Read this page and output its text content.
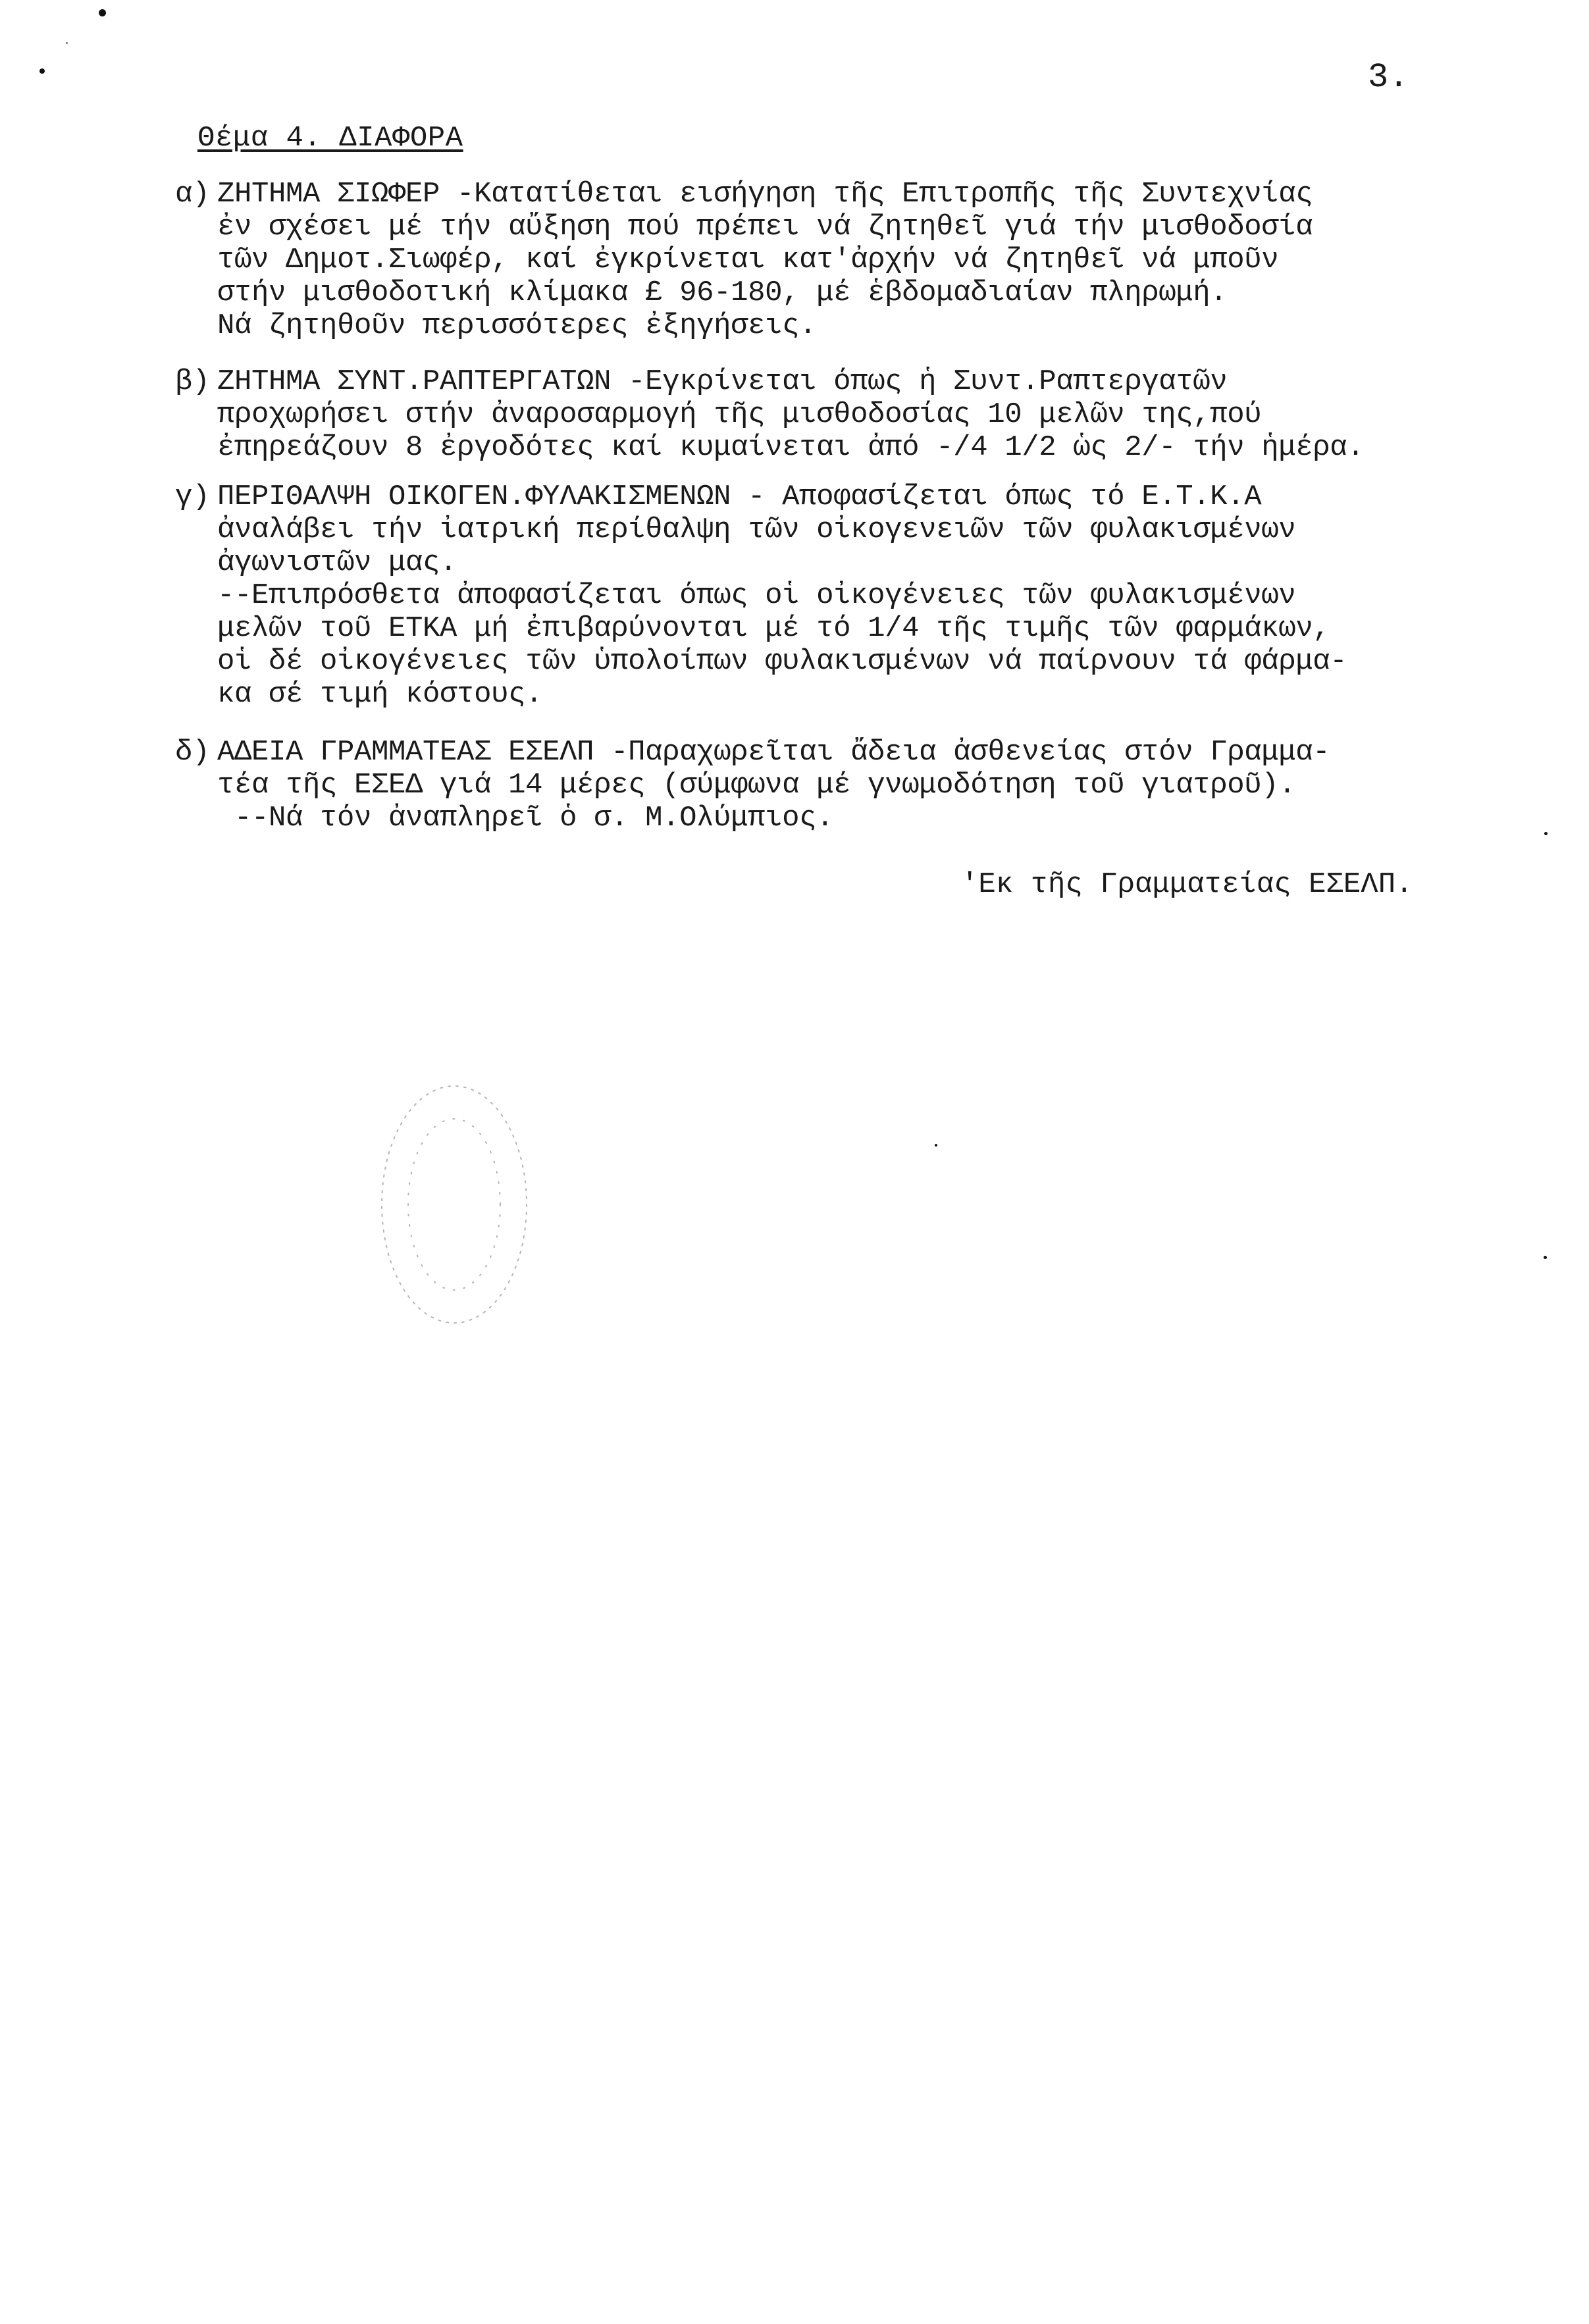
3.
Θέμα 4. ΔΙΑΦΟΡΑ
α) ΖΗΤΗΜΑ ΣΙΩΦΕΡ -Κατατίθεται εισήγηση τῆς Επιτροπῆς τῆς Συντεχνίας
ἐν σχέσει μέ τήν αὔξηση πού πρέπει νά ζητηθεῖ γιά τήν μισθοδοσία
τῶν Δημοτ.Σιωφέρ, καί ἐγκρίνεται κατ'ἀρχήν νά ζητηθεῖ νά μποῦν
στήν μισθοδοτική κλίμακα £ 96-180, μέ ἑβδομαδιαίαν πληρωμή.
Νά ζητηθοῦν περισσότερες ἐξηγήσεις.
β) ΖΗΤΗΜΑ ΣΥΝΤ.ΡΑΠΤΕΡΓΑΤΩΝ -Εγκρίνεται όπως ἡ Συντ.Ραπτεργατῶν
προχωρήσει στήν ἀναροσαρμογή τῆς μισθοδοσίας 10 μελῶν της,πού
ἐπηρεάζουν 8 ἐργοδότες καί κυμαίνεται ἀπό -/4 1/2 ὡς 2/- τήν ἡμέρα.
γ) ΠΕΡΙΘΑΛΨΗ ΟΙΚΟΓΕΝ.ΦΥΛΑΚΙΣΜΕΝΩΝ - Αποφασίζεται όπως τό Ε.Τ.Κ.Α
ἀναλάβει τήν ἰατρική περίθαλψη τῶν οἰκογενειῶν τῶν φυλακισμένων
ἀγωνιστῶν μας.
--Επιπρόσθετα ἀποφασίζεται όπως οἱ οἰκογένειες τῶν φυλακισμένων
μελῶν τοῦ ΕΤΚΑ μή ἐπιβαρύνονται μέ τό 1/4 τῆς τιμῆς τῶν φαρμάκων,
οἱ δέ οἰκογένειες τῶν ὑπολοίπων φυλακισμένων νά παίρνουν τά φάρμα-
κα σέ τιμή κόστους.
δ) ΑΔΕΙΑ ΓΡΑΜΜΑΤΕΑΣ ΕΣΕΛΠ -Παραχωρεῖται ἄδεια ἀσθενείας στόν Γραμμα-
τέα τῆς ΕΣΕΔ γιά 14 μέρες (σύμφωνα μέ γνωμοδότηση τοῦ γιατροῦ).
--Νά τόν ἀναπληρεῖ ὁ σ. Μ.Ολύμπιος.
'Εκ τῆς Γραμματείας ΕΣΕΛΠ.
